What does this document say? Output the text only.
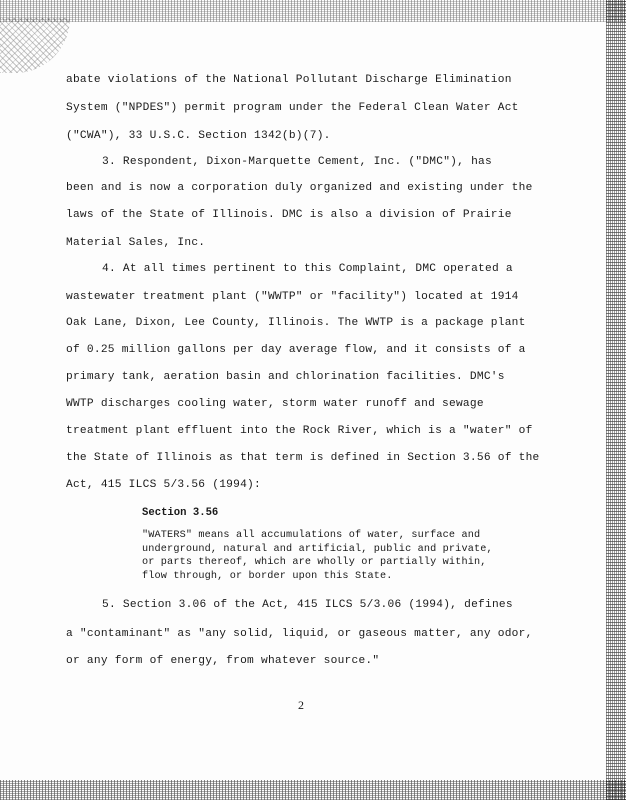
abate violations of the National Pollutant Discharge Elimination
System ("NPDES") permit program under the Federal Clean Water Act
("CWA"), 33 U.S.C. Section 1342(b)(7).
3. Respondent, Dixon-Marquette Cement, Inc. ("DMC"), has
been and is now a corporation duly organized and existing under the
laws of the State of Illinois. DMC is also a division of Prairie
Material Sales, Inc.
4. At all times pertinent to this Complaint, DMC operated a
wastewater treatment plant ("WWTP" or "facility") located at 1914
Oak Lane, Dixon, Lee County, Illinois. The WWTP is a package plant
of 0.25 million gallons per day average flow, and it consists of a
primary tank, aeration basin and chlorination facilities. DMC's
WWTP discharges cooling water, storm water runoff and sewage
treatment plant effluent into the Rock River, which is a "water" of
the State of Illinois as that term is defined in Section 3.56 of the
Act, 415 ILCS 5/3.56 (1994):
Section 3.56
"WATERS" means all accumulations of water, surface and
underground, natural and artificial, public and private,
or parts thereof, which are wholly or partially within,
flow through, or border upon this State.
5. Section 3.06 of the Act, 415 ILCS 5/3.06 (1994), defines
a "contaminant" as "any solid, liquid, or gaseous matter, any odor,
or any form of energy, from whatever source."
2
